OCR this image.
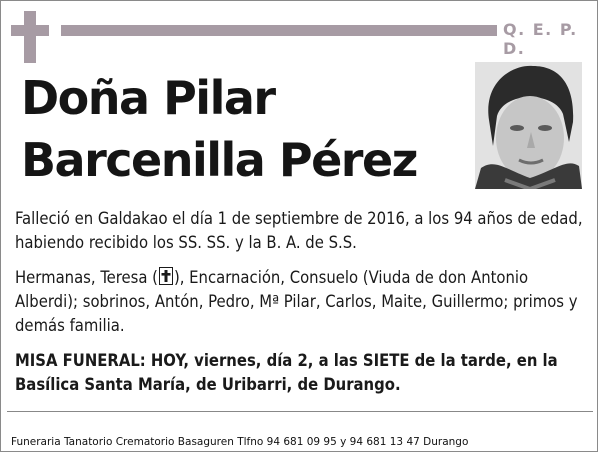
Q. E. P. D.
Doña Pilar
Barcenilla Pérez

Falleció en Galdakao el día 1 de septiembre de 2016, a los 94 años de edad, habiendo recibido los SS. SS. y la B. A. de S.S.

Hermanas, Teresa ( ), Encarnación, Consuelo (Viuda de don Antonio Alberdi); sobrinos, Antón, Pedro, Mª Pilar, Carlos, Maite, Guillermo; primos y demás familia.

MISA FUNERAL: HOY, viernes, día 2, a las SIETE de la tarde, en la Basílica Santa María, de Uribarri, de Durango.

Funeraria Tanatorio Crematorio Basaguren Tlfno 94 681 09 95 y 94 681 13 47 Durango
